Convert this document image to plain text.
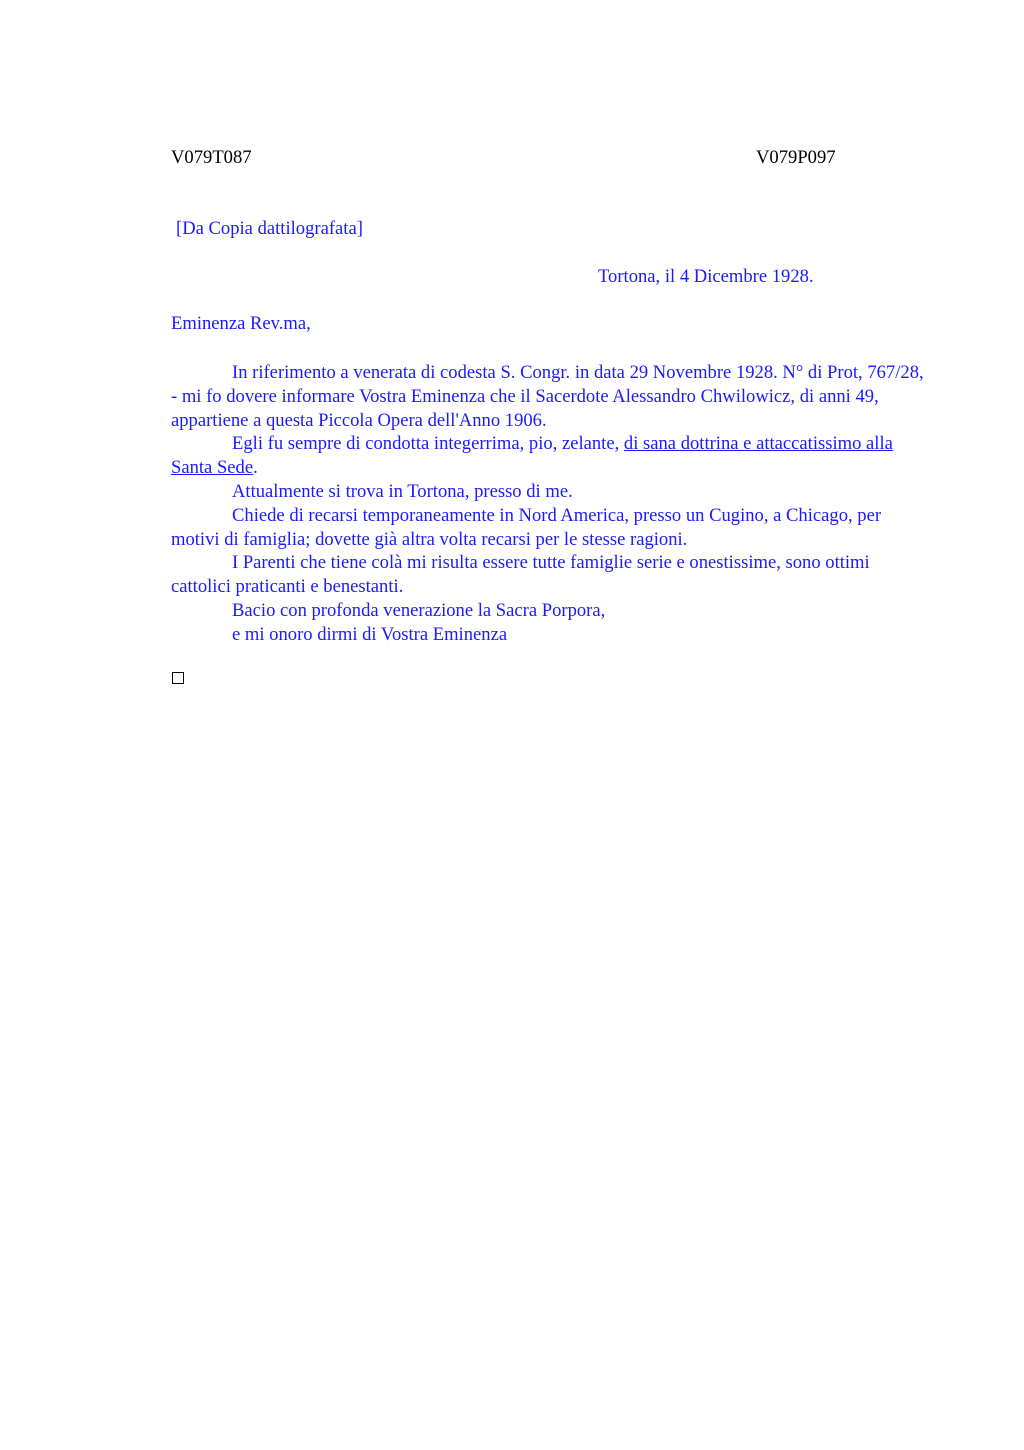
V079T087	V079P097
[Da Copia dattilografata]
Tortona, il 4 Dicembre 1928.
Eminenza Rev.ma,

In riferimento a venerata di codesta S. Congr. in data 29 Novembre 1928. N° di Prot, 767/28, - mi fo dovere informare Vostra Eminenza che il Sacerdote Alessandro Chwilowicz, di anni 49, appartiene a questa Piccola Opera dell'Anno 1906.

Egli fu sempre di condotta integerrima, pio, zelante, di sana dottrina e attaccatissimo alla Santa Sede.

Attualmente si trova in Tortona, presso di me.

Chiede di recarsi temporaneamente in Nord America, presso un Cugino, a Chicago, per motivi di famiglia; dovette già altra volta recarsi per le stesse ragioni.

I Parenti che tiene colà mi risulta essere tutte famiglie serie e onestissime, sono ottimi cattolici praticanti e benestanti.

Bacio con profonda venerazione la Sacra Porpora,

e mi onoro dirmi di Vostra Eminenza
